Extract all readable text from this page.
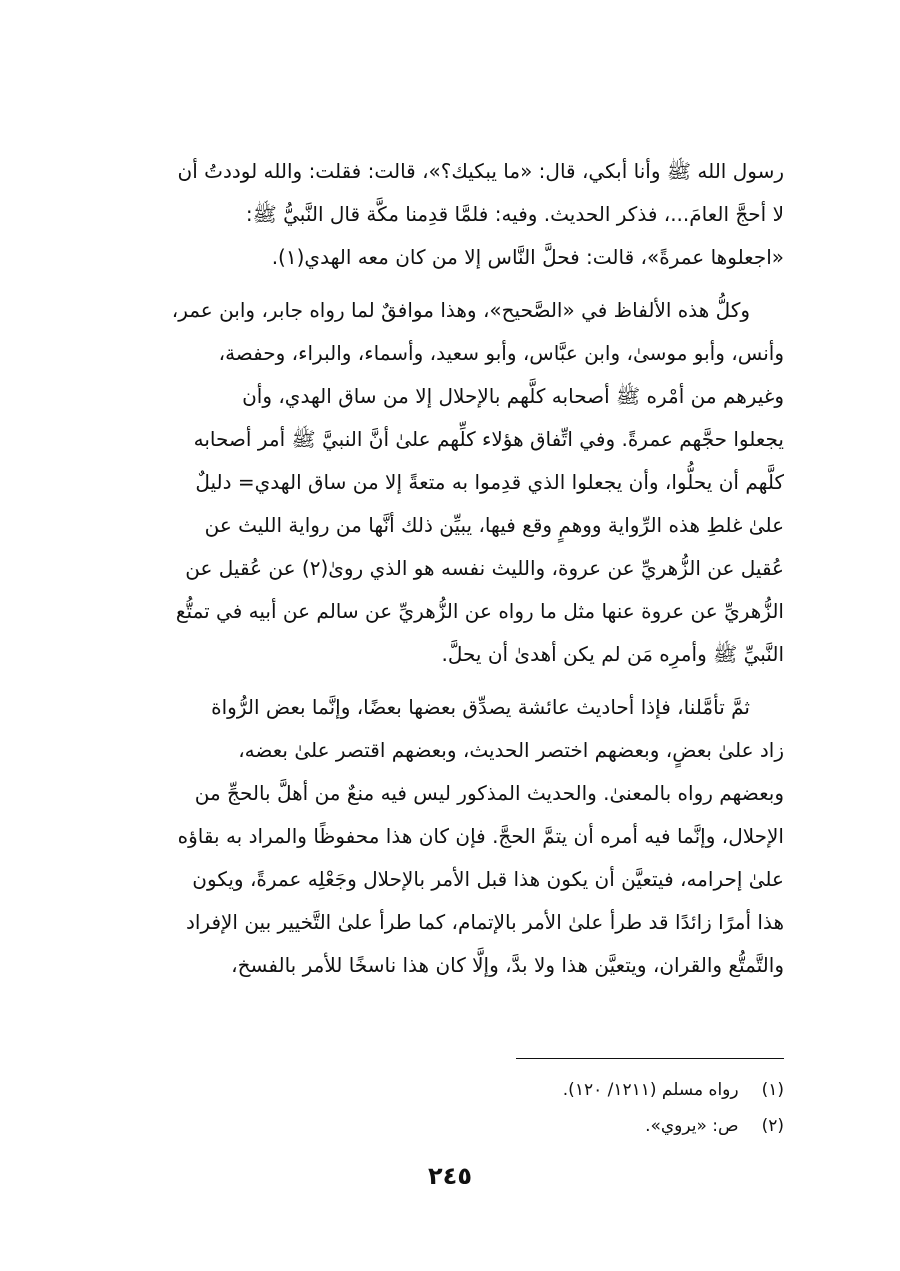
رسول الله ﷺ وأنا أبكي، قال: «ما يبكيك؟»، قالت: فقلت: والله لوددتُ أن
لا أحجَّ العامَ...، فذكر الحديث. وفيه: فلمَّا قدِمنا مكَّة قال النَّبيُّ ﷺ:
«اجعلوها عمرةً»، قالت: فحلَّ النَّاس إلا من كان معه الهدي(١).
وكلُّ هذه الألفاظ في «الصَّحيح»، وهذا موافقٌ لما رواه جابر، وابن عمر،
وأنس، وأبو موسىٰ، وابن عبَّاس، وأبو سعيد، وأسماء، والبراء، وحفصة،
وغيرهم من أمْره ﷺ أصحابه كلَّهم بالإحلال إلا من ساق الهدي، وأن
يجعلوا حجَّهم عمرةً. وفي اتِّفاق هؤلاء كلِّهم علىٰ أنَّ النبيَّ ﷺ أمر أصحابه
كلَّهم أن يحلُّوا، وأن يجعلوا الذي قدِموا به متعةً إلا من ساق الهدي= دليلٌ
علىٰ غلطِ هذه الرِّواية ووهمٍ وقع فيها، يبيِّن ذلك أنَّها من رواية الليث عن
عُقيل عن الزُّهريِّ عن عروة، والليث نفسه هو الذي روىٰ(٢) عن عُقيل عن
الزُّهريِّ عن عروة عنها مثل ما رواه عن الزُّهريِّ عن سالم عن أبيه في تمتُّع
النَّبيِّ ﷺ وأمرِه مَن لم يكن أهدىٰ أن يحلَّ.
ثمَّ تأمَّلنا، فإذا أحاديث عائشة يصدِّق بعضها بعضًا، وإنَّما بعض الرُّواة
زاد علىٰ بعضٍ، وبعضهم اختصر الحديث، وبعضهم اقتصر علىٰ بعضه،
وبعضهم رواه بالمعنىٰ. والحديث المذكور ليس فيه منعٌ من أهلَّ بالحجِّ من
الإحلال، وإنَّما فيه أمره أن يتمَّ الحجَّ. فإن كان هذا محفوظًا والمراد به بقاؤه
علىٰ إحرامه، فيتعيَّن أن يكون هذا قبل الأمر بالإحلال وجَعْلِه عمرةً، ويكون
هذا أمرًا زائدًا قد طرأ علىٰ الأمر بالإتمام، كما طرأ علىٰ التَّخيير بين الإفراد
والتَّمتُّع والقران، ويتعيَّن هذا ولا بدَّ، وإلَّا كان هذا ناسخًا للأمر بالفسخ،
(١) رواه مسلم (١٢١١/ ١٢٠).
(٢) ص: «يروي».
٢٤٥
